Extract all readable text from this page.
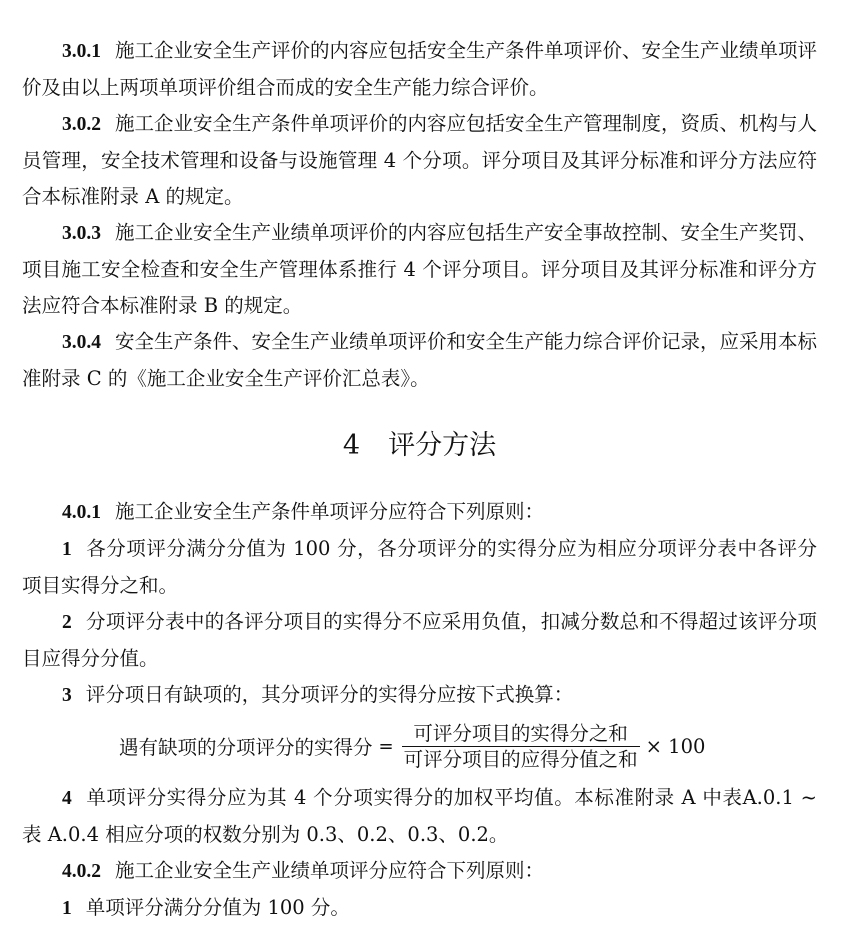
3.0.1 施工企业安全生产评价的内容应包括安全生产条件单项评价、安全生产业绩单项评价及由以上两项单项评价组合而成的安全生产能力综合评价。

3.0.2 施工企业安全生产条件单项评价的内容应包括安全生产管理制度，资质、机构与人员管理，安全技术管理和设备与设施管理 4 个分项。评分项目及其评分标准和评分方法应符合本标准附录 A 的规定。

3.0.3 施工企业安全生产业绩单项评价的内容应包括生产安全事故控制、安全生产奖罚、项目施工安全检查和安全生产管理体系推行 4 个评分项目。评分项目及其评分标准和评分方法应符合本标准附录 B 的规定。

3.0.4 安全生产条件、安全生产业绩单项评价和安全生产能力综合评价记录，应采用本标准附录 C 的《施工企业安全生产评价汇总表》。

4 评分方法

4.0.1 施工企业安全生产条件单项评分应符合下列原则：

1 各分项评分满分分值为 100 分，各分项评分的实得分应为相应分项评分表中各评分项目实得分之和。

2 分项评分表中的各评分项目的实得分不应采用负值，扣减分数总和不得超过该评分项目应得分分值。

3 评分项日有缺项的，其分项评分的实得分应按下式换算：

遇有缺项的分项评分的实得分 = $\frac{\text{可评分项目的实得分之和}}{\text{可评分项目的应得分值之和}} \times 100$

4 单项评分实得分应为其 4 个分项实得分的加权平均值。本标准附录 A 中表A.0.1 ~ 表 A.0.4 相应分项的权数分别为 0.3、0.2、0.3、0.2。

4.0.2 施工企业安全生产业绩单项评分应符合下列原则：

1 单项评分满分分值为 100 分。
